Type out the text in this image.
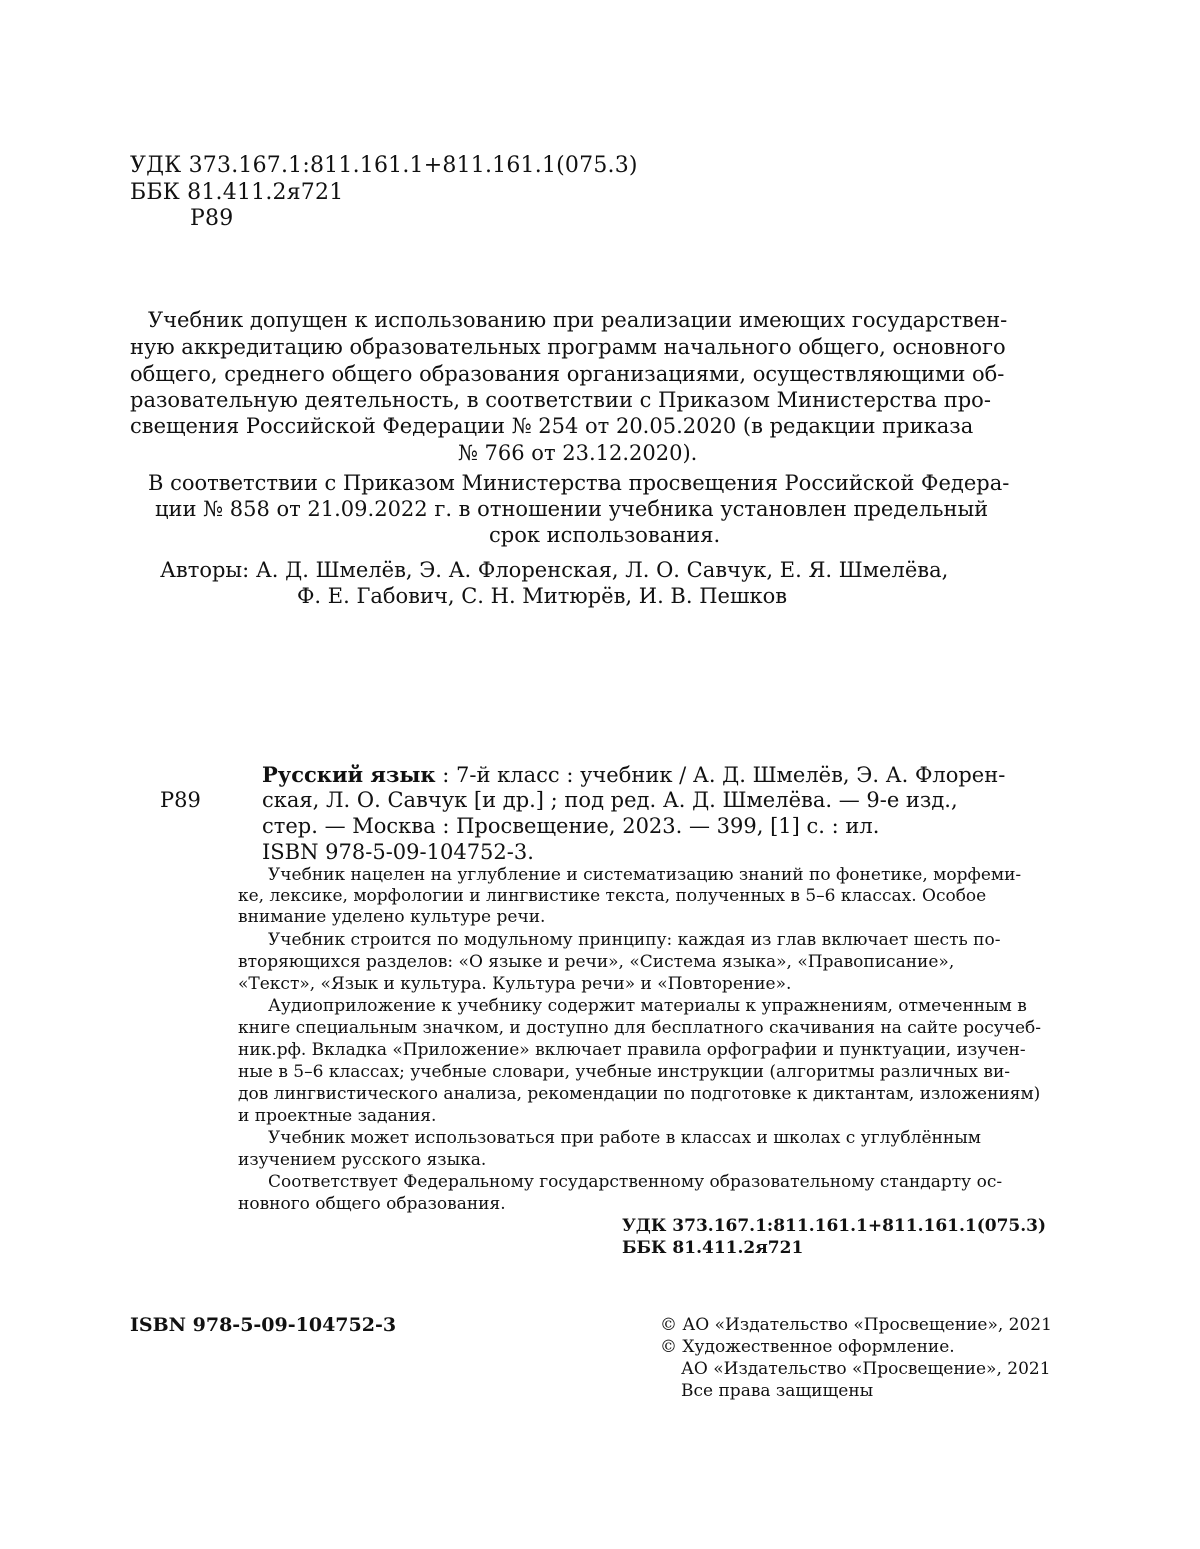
УДК 373.167.1:811.161.1+811.161.1(075.3)
ББК 81.411.2я721
Р89
Учебник допущен к использованию при реализации имеющих государствен-
ную аккредитацию образовательных программ начального общего, основного
общего, среднего общего образования организациями, осуществляющими об-
разовательную деятельность, в соответствии с Приказом Министерства про-
свещения Российской Федерации № 254 от 20.05.2020 (в редакции приказа
№ 766 от 23.12.2020).
В соответствии с Приказом Министерства просвещения Российской Федера-
ции № 858 от 21.09.2022 г. в отношении учебника установлен предельный
срок использования.
Авторы: А. Д. Шмелёв, Э. А. Флоренская, Л. О. Савчук, Е. Я. Шмелёва,
Ф. Е. Габович, С. Н. Митюрёв, И. В. Пешков
Р89
Русский язык : 7-й класс : учебник / А. Д. Шмелёв, Э. А. Флорен-
ская, Л. О. Савчук [и др.] ; под ред. А. Д. Шмелёва. — 9-е изд.,
стер. — Москва : Просвещение, 2023. — 399, [1] с. : ил.
ISBN 978-5-09-104752-3.
Учебник нацелен на углубление и систематизацию знаний по фонетике, морфеми-
ке, лексике, морфологии и лингвистике текста, полученных в 5–6 классах. Особое
внимание уделено культуре речи.
Учебник строится по модульному принципу: каждая из глав включает шесть по-
вторяющихся разделов: «О языке и речи», «Система языка», «Правописание»,
«Текст», «Язык и культура. Культура речи» и «Повторение».
Аудиоприложение к учебнику содержит материалы к упражнениям, отмеченным в
книге специальным значком, и доступно для бесплатного скачивания на сайте росучеб-
ник.рф. Вкладка «Приложение» включает правила орфографии и пунктуации, изучен-
ные в 5–6 классах; учебные словари, учебные инструкции (алгоритмы различных ви-
дов лингвистического анализа, рекомендации по подготовке к диктантам, изложениям)
и проектные задания.
Учебник может использоваться при работе в классах и школах с углублённым
изучением русского языка.
Соответствует Федеральному государственному образовательному стандарту ос-
новного общего образования.
УДК 373.167.1:811.161.1+811.161.1(075.3)
ББК 81.411.2я721
ISBN 978-5-09-104752-3	© АО «Издательство «Просвещение», 2021
© Художественное оформление.
АО «Издательство «Просвещение», 2021
Все права защищены
